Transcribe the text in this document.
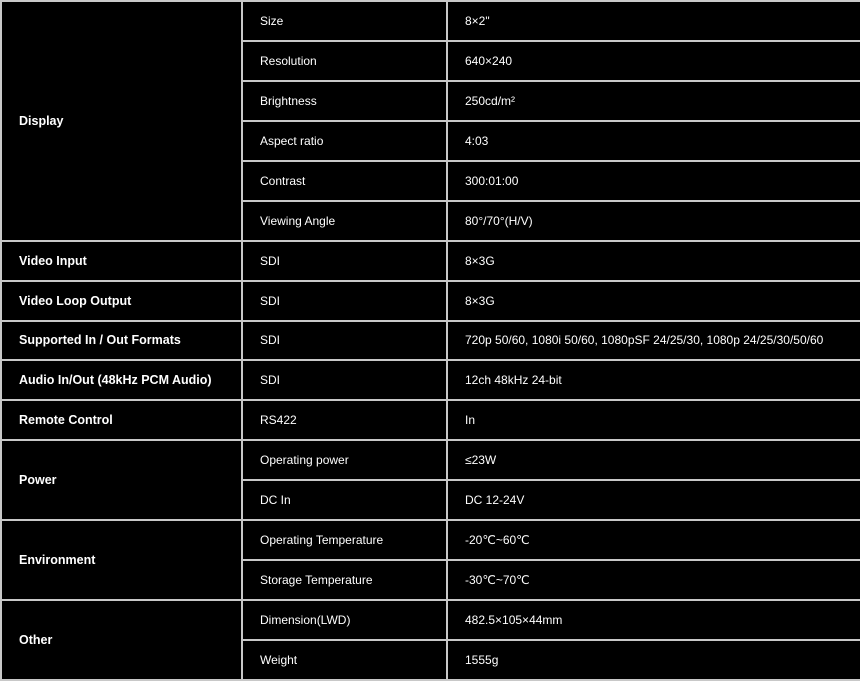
Display	Size	8×2"
	Resolution	640×240
	Brightness	250cd/m²
	Aspect ratio	4:03
	Contrast	300:01:00
	Viewing Angle	80°/70°(H/V)
Video Input	SDI	8×3G
Video Loop Output	SDI	8×3G
Supported In / Out Formats	SDI	720p 50/60, 1080i 50/60, 1080pSF 24/25/30, 1080p 24/25/30/50/60
Audio In/Out (48kHz PCM Audio)	SDI	12ch 48kHz 24-bit
Remote Control	RS422	In
Power	Operating power	≤23W
	DC In	DC 12-24V
Environment	Operating Temperature	-20℃~60℃
	Storage Temperature	-30℃~70℃
Other	Dimension(LWD)	482.5×105×44mm
	Weight	1555g
